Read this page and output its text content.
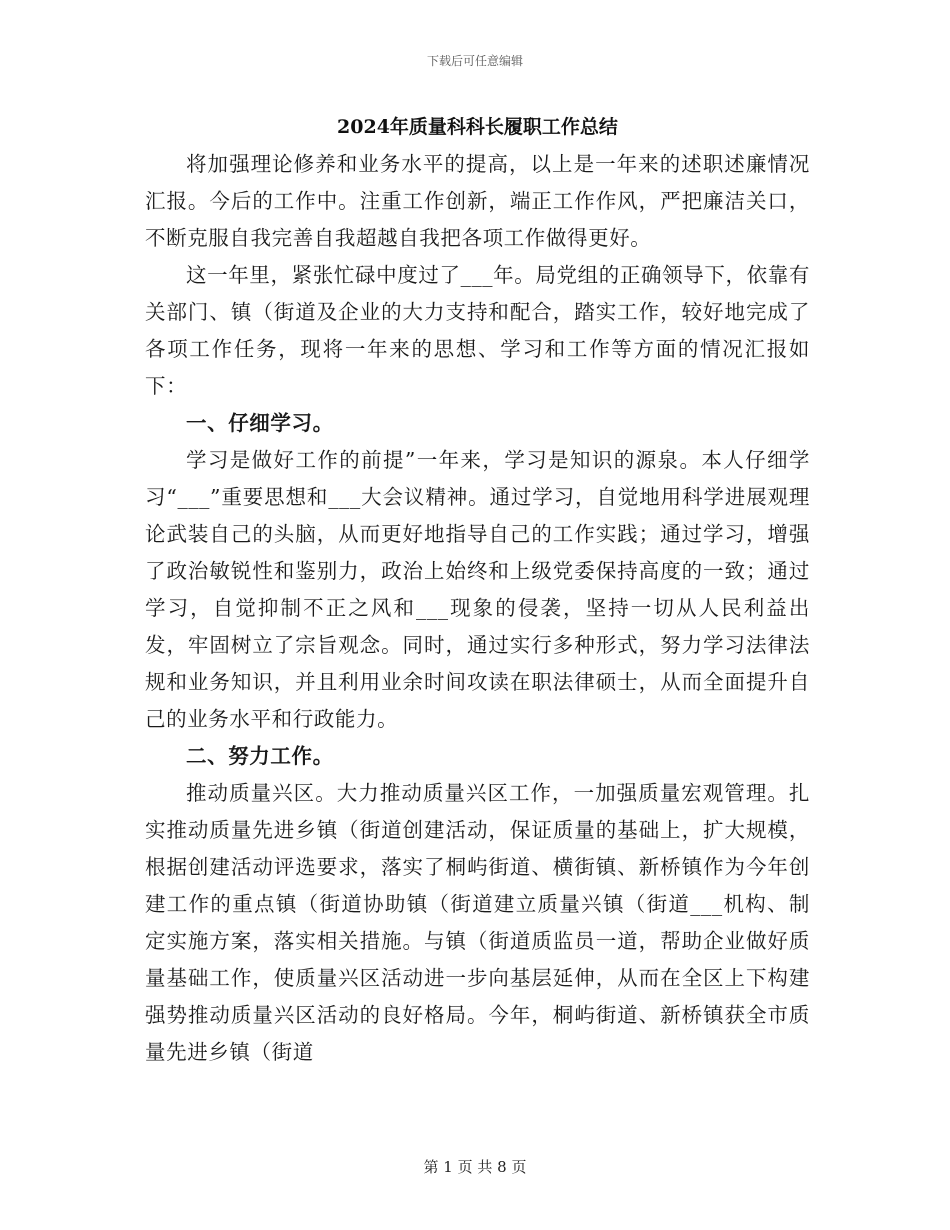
下载后可任意编辑
2024年质量科科长履职工作总结

将加强理论修养和业务水平的提高，以上是一年来的述职述廉情况汇报。今后的工作中。注重工作创新，端正工作作风，严把廉洁关口，不断克服自我完善自我超越自我把各项工作做得更好。

这一年里，紧张忙碌中度过了___年。局党组的正确领导下，依靠有关部门、镇（街道及企业的大力支持和配合，踏实工作，较好地完成了各项工作任务，现将一年来的思想、学习和工作等方面的情况汇报如下：

一、仔细学习。

学习是做好工作的前提”一年来，学习是知识的源泉。本人仔细学习“___”重要思想和___大会议精神。通过学习，自觉地用科学进展观理论武装自己的头脑，从而更好地指导自己的工作实践；通过学习，增强了政治敏锐性和鉴别力，政治上始终和上级党委保持高度的一致；通过学习，自觉抑制不正之风和___现象的侵袭，坚持一切从人民利益出发，牢固树立了宗旨观念。同时，通过实行多种形式，努力学习法律法规和业务知识，并且利用业余时间攻读在职法律硕士，从而全面提升自己的业务水平和行政能力。

二、努力工作。

推动质量兴区。大力推动质量兴区工作，一加强质量宏观管理。扎实推动质量先进乡镇（街道创建活动，保证质量的基础上，扩大规模，根据创建活动评选要求，落实了桐屿街道、横街镇、新桥镇作为今年创建工作的重点镇（街道协助镇（街道建立质量兴镇（街道___机构、制定实施方案，落实相关措施。与镇（街道质监员一道，帮助企业做好质量基础工作，使质量兴区活动进一步向基层延伸，从而在全区上下构建强势推动质量兴区活动的良好格局。今年，桐屿街道、新桥镇获全市质量先进乡镇（街道

第 1 页 共 8 页
